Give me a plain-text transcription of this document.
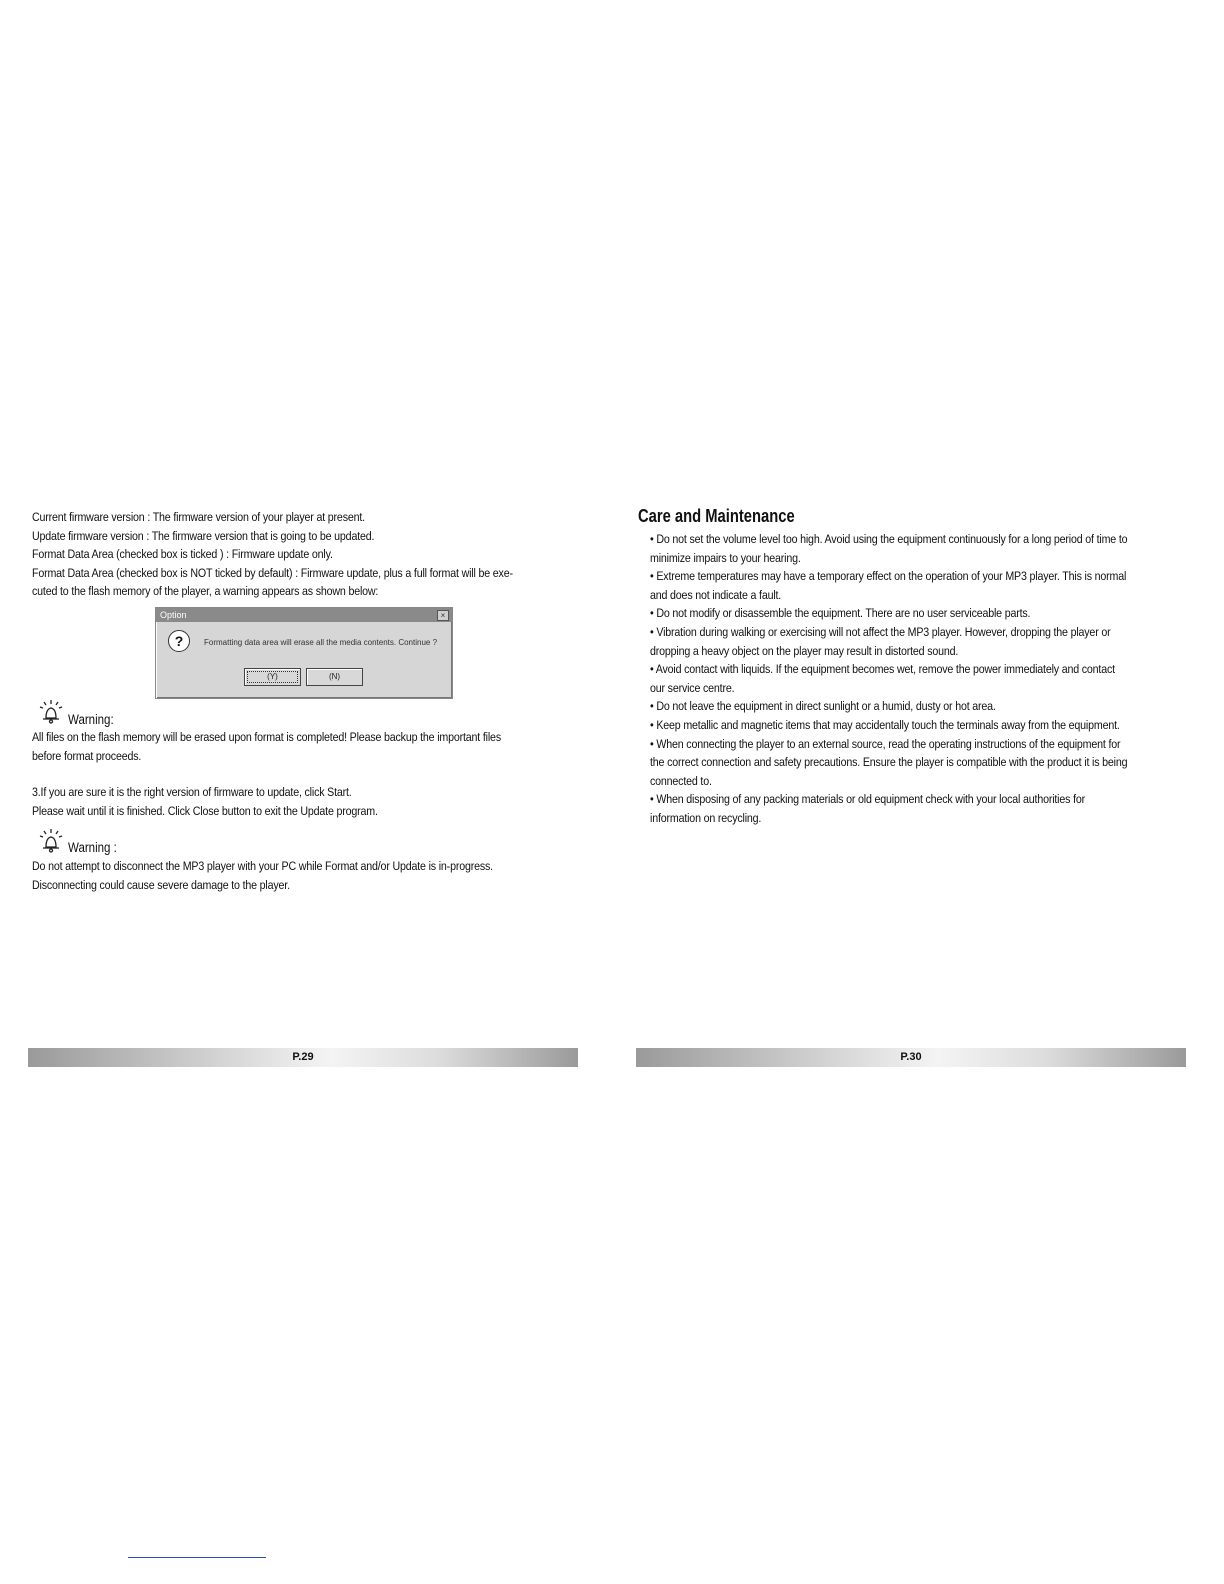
Current firmware version : The firmware version of your player at present.

Update firmware version : The firmware version that is going to be updated.

Format Data Area (checked box is ticked ) : Firmware update only.

Format Data Area (checked box is NOT ticked by default) : Firmware update, plus a full format will be exe-

cuted to the flash memory of the player, a warning appears as shown below:

Option	×
?	Formatting data area will erase all the media contents. Continue ?
(Y)	(N)
Warning:

All files on the flash memory will be erased upon format is completed! Please backup the important files

before format proceeds.

3.If you are sure it is the right version of firmware to update, click Start.

Please wait until it is finished. Click Close button to exit the Update program.

Warning :

Do not attempt to disconnect the MP3 player with your PC while Format and/or Update is in-progress.

Disconnecting could cause severe damage to the player.

Care and Maintenance

• Do not set the volume level too high. Avoid using the equipment continuously for a long period of time to

minimize impairs to your hearing.

• Extreme temperatures may have a temporary effect on the operation of your MP3 player. This is normal

and does not indicate a fault.

• Do not modify or disassemble the equipment. There are no user serviceable parts.

• Vibration during walking or exercising will not affect the MP3 player. However, dropping the player or

dropping a heavy object on the player may result in distorted sound.

• Avoid contact with liquids. If the equipment becomes wet, remove the power immediately and contact

our service centre.

• Do not leave the equipment in direct sunlight or a humid, dusty or hot area.

• Keep metallic and magnetic items that may accidentally touch the terminals away from the equipment.

• When connecting the player to an external source, read the operating instructions of the equipment for

the correct connection and safety precautions. Ensure the player is compatible with the product it is being

connected to.

• When disposing of any packing materials or old equipment check with your local authorities for

information on recycling.

P.29	P.30
